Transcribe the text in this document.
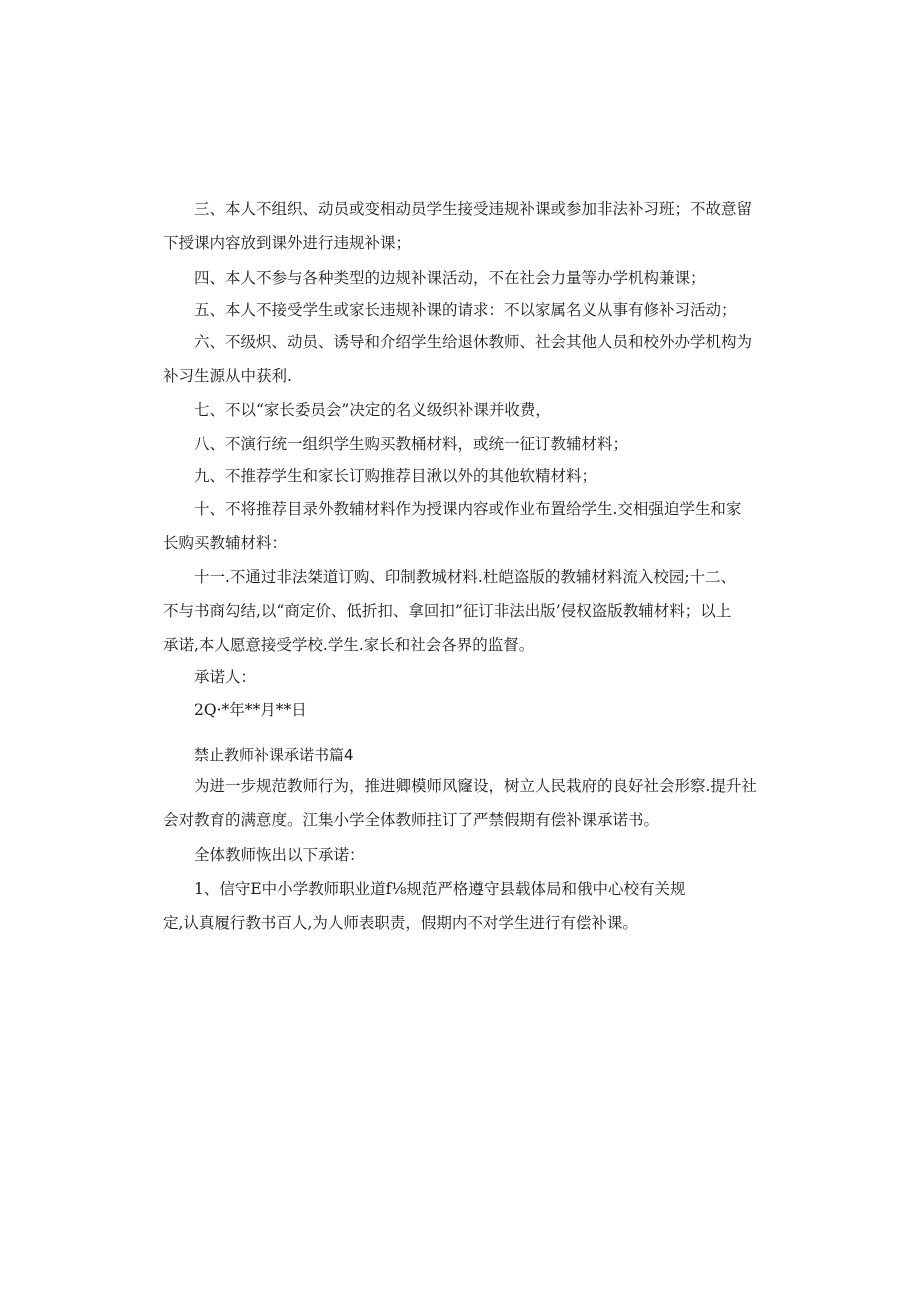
三、本人不组织、动员或变相动员学生接受违规补课或参加非法补习班；不故意留
下授课内容放到课外进行违规补课；
四、本人不参与各种类型的边规补课活动，不在社会力量等办学机构兼课；
五、本人不接受学生或家长违规补课的请求：不以家属名义从事有修补习活动；
六、不级炽、动员、诱导和介绍学生给退休教师、社会其他人员和校外办学机构为
补习生源从中获利.
七、不以“家长委员会”决定的名义级织补课并收费，
八、不演行统一组织学生购买教桶材料，或统一征订教辅材料；
九、不推荐学生和家长订购推荐目湫以外的其他软精材料；
十、不将推荐目录外教辅材料作为授课内容或作业布置给学生.交相强迫学生和家
长购买教辅材料：
十一.不通过非法桀道订购、印制教城材料.杜皑盗版的教辅材料流入校园;十二、
不与书商勾结,以“商定价、低折扣、拿回扣”征订非法出版’侵权盗版教辅材料；以上
承诺,本人愿意接受学校.学生.家长和社会各界的监督。
承诺人：
2Q·*年**月**日
禁止教师补课承诺书篇4
为进一步规范教师行为，推进卿模师风窿设，树立人民栽府的良好社会形察.提升社
会对教育的满意度。江集小学全体教师拄订了严禁假期有偿补课承诺书。
全体教师恢出以下承诺：
1、信守E中小学教师职业道f⅛规范严格遵守县载体局和俄中心校有关规
定,认真履行教书百人,为人师表职责，假期内不对学生进行有偿补课。
